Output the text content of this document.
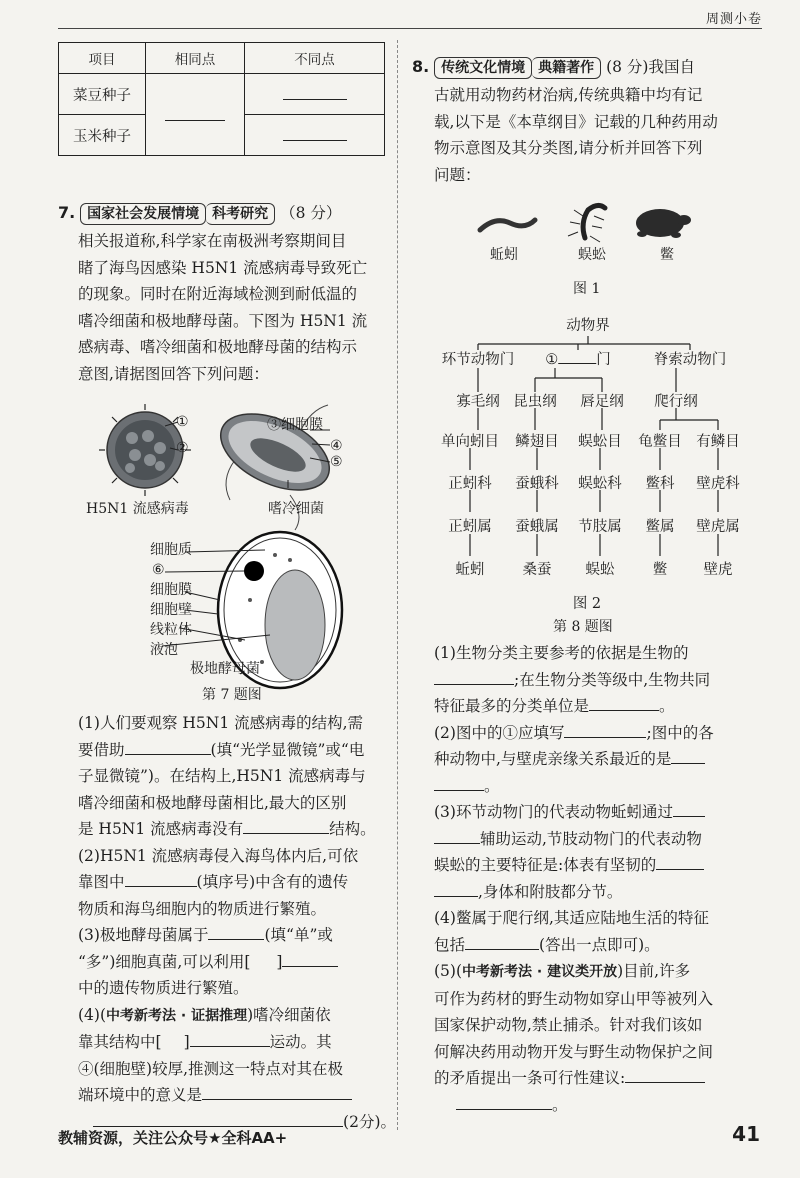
周测小卷
项目	相同点	不同点
菜豆种子		
玉米种子		
7. 国家社会发展情境 科考研究 （8 分）

相关报道称,科学家在南极洲考察期间目

睹了海鸟因感染 H5N1 流感病毒导致死亡

的现象。同时在附近海域检测到耐低温的

嗜冷细菌和极地酵母菌。下图为 H5N1 流

感病毒、嗜冷细菌和极地酵母菌的结构示

意图,请据图回答下列问题：

③细胞膜
①
②	④
⑤
H5N1 流感病毒	嗜冷细菌
细胞质
⑥
细胞膜
细胞壁
线粒体
液泡
极地酵母菌
第 7 题图

(1)人们要观察 H5N1 流感病毒的结构,需

要借助	(填“光学显微镜”或“电

子显微镜”)。在结构上,H5N1 流感病毒与

嗜冷细菌和极地酵母菌相比,最大的区别

是 H5N1 流感病毒没有	结构。

(2)H5N1 流感病毒侵入海鸟体内后,可依

靠图中	(填序号)中含有的遗传

物质和海鸟细胞内的物质进行繁殖。

(3)极地酵母菌属于	(填“单”或

“多”)细胞真菌,可以利用[ ]

中的遗传物质进行繁殖。

(4)(中考新考法 · 证据推理)嗜冷细菌依

靠其结构中[ ]	运动。其

④(细胞壁)较厚,推测这一特点对其在极

端环境中的意义是

(2分)。

8. 传统文化情境 典籍著作 (8 分)我国自

古就用动物药材治病,传统典籍中均有记

载,以下是《本草纲目》记载的几种药用动

物示意图及其分类图,请分析并回答下列

问题：

蚯蚓	蜈蚣	鳖
图 1
动物界
环节动物门 ①	门	脊索动物门
寡毛纲 昆虫纲 唇足纲 爬行纲
单向蚓目 鳞翅目 蜈蚣目 龟鳖目 有鳞目
正蚓科 蚕蛾科 蜈蚣科 鳖科 壁虎科
正蚓属 蚕蛾属 节肢属 鳖属 壁虎属
蚯蚓	桑蚕 蜈蚣	鳖	壁虎
图 2
第 8 题图

(1)生物分类主要参考的依据是生物的

;在生物分类等级中,生物共同

特征最多的分类单位是	。

(2)图中的①应填写	;图中的各

种动物中,与壁虎亲缘关系最近的是

。

(3)环节动物门的代表动物蚯蚓通过

辅助运动,节肢动物门的代表动物

蜈蚣的主要特征是:体表有坚韧的

,身体和附肢都分节。

(4)鳖属于爬行纲,其适应陆地生活的特征

包括	(答出一点即可)。

(5)(中考新考法 · 建议类开放)目前,许多

可作为药材的野生动物如穿山甲等被列入

国家保护动物,禁止捕杀。针对我们该如

何解决药用动物开发与野生动物保护之间

的矛盾提出一条可行性建议:

。

教辅资源，关注公众号★全科AA+	41
